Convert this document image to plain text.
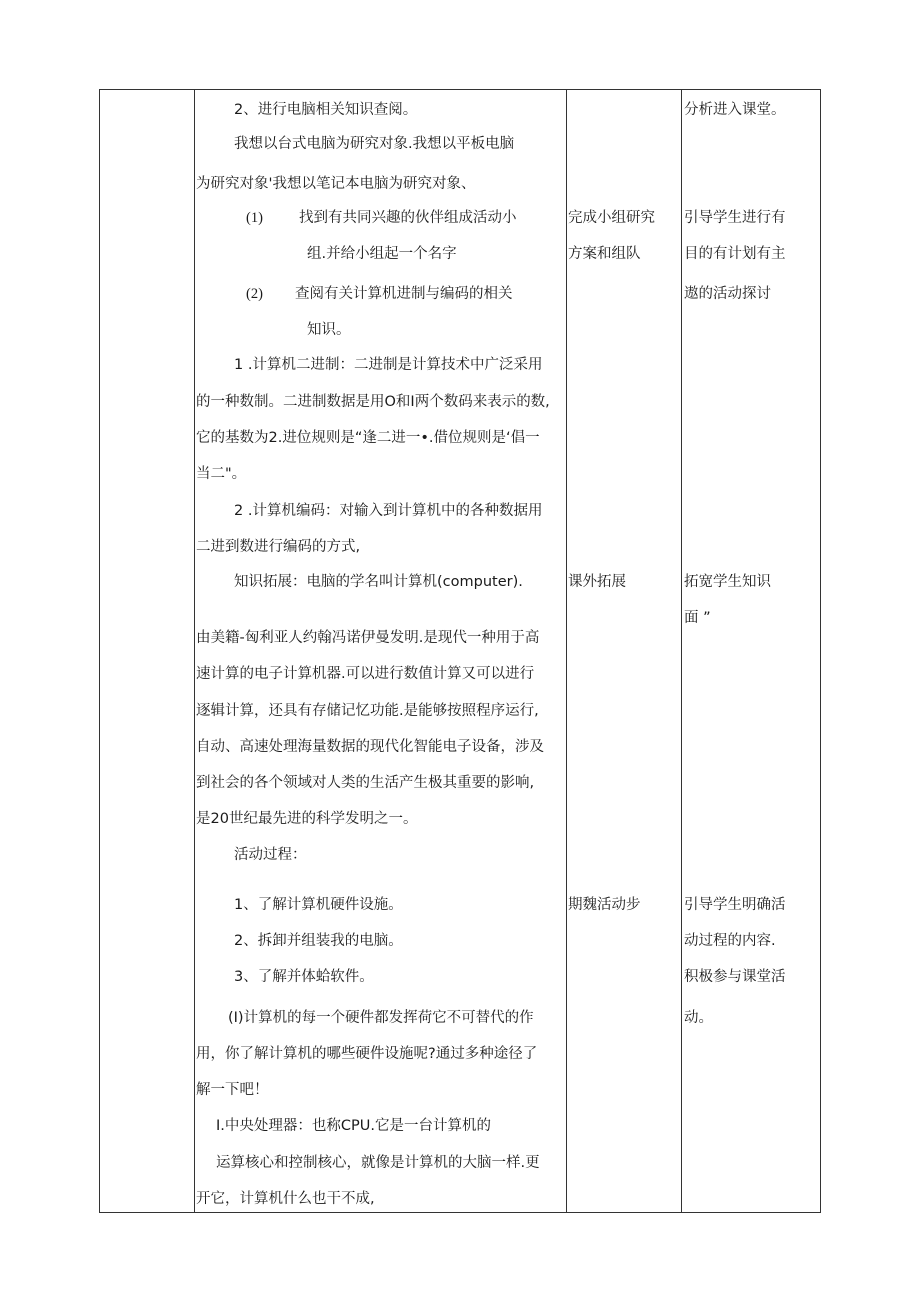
2、进行电脑相关知识查阅。
我想以台式电脑为研究对象.我想以平板电脑
为研究对象'我想以笔记本电脑为研究对象、
(1) 找到有共同兴趣的伙伴组成活动小
组.并给小组起一个名字
(2) 查阅有关计算机进制与编码的相关
知识。
1 .计算机二进制：二进制是计算技术中广泛采用
的一种数制。二进制数据是用O和I两个数码来表示的数,
它的基数为2.进位规则是“逢二进一•.借位规则是‘倡一
当二"。
2 .计算机编码：对输入到计算机中的各种数据用
二进到数进行编码的方式,
知识拓展：电脑的学名叫计算机(computer).
由美籍-匈利亚人约翰冯诺伊曼发明.是现代一种用于高
速计算的电子计算机器.可以进行数值计算又可以进行
逐辑计算，还具有存储记忆功能.是能够按照程序运行,
自动、高速处理海量数据的现代化智能电子设备，涉及
到社会的各个领域对人类的生活产生极其重要的影响,
是20世纪最先进的科学发明之一。
活动过程：
1、了解计算机硬件设施。
2、拆卸并组装我的电脑。
3、了解并体蛤软件。
(I)计算机的每一个硬件都发挥荷它不可替代的作
用，你了解计算机的哪些硬件设施呢?通过多种途径了
解一下吧！
I.中央处理器：也称CPU.它是一台计算机的
运算核心和控制核心，就像是计算机的大脑一样.更
开它，计算机什么也干不成,
完成小组研究
方案和组队
课外拓展
期魏活动步
分析进入课堂。
引导学生进行有
目的有计划有主
遨的活动探讨
拓宽学生知识
面 ”
引导学生明确活
动过程的内容.
积极参与课堂活
动。
